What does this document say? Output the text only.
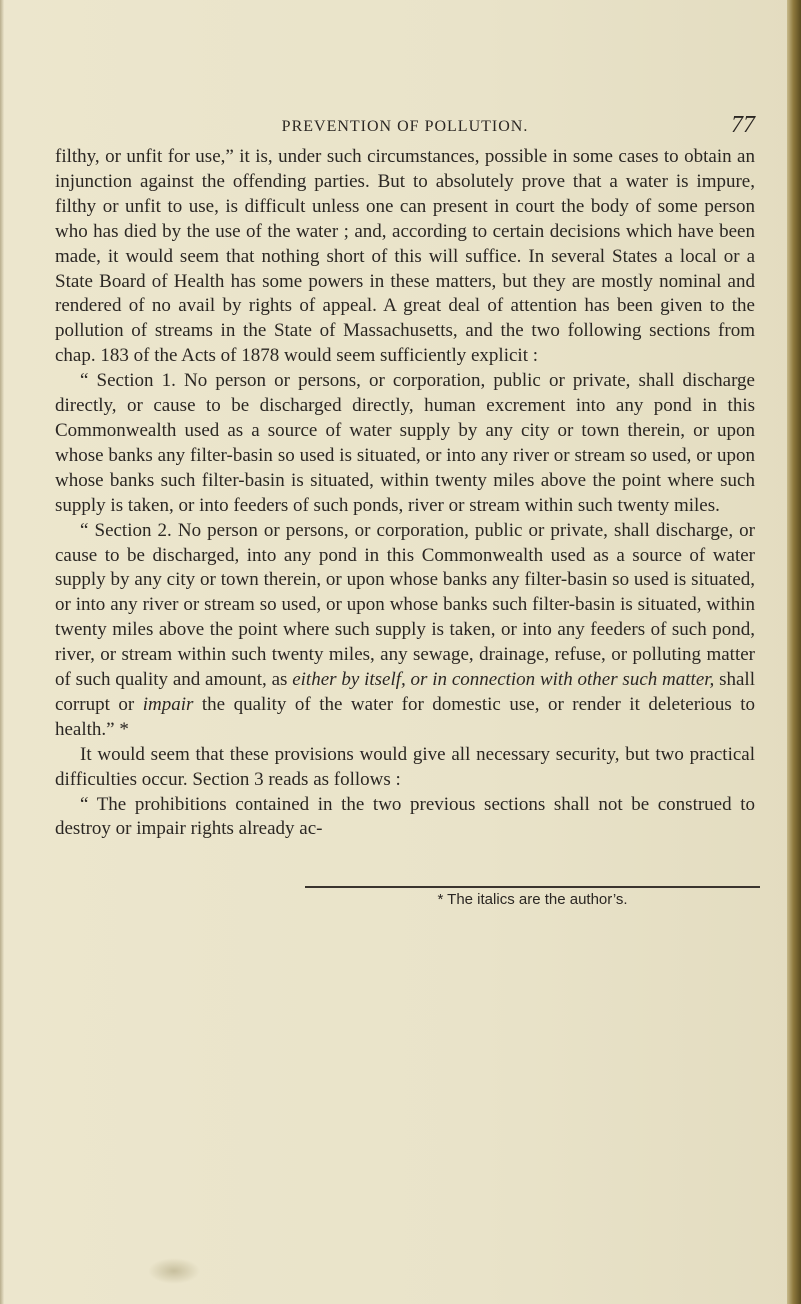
PREVENTION OF POLLUTION.	77

filthy, or unfit for use,” it is, under such circumstances, possible in some cases to obtain an injunction against the offending parties. But to absolutely prove that a water is impure, filthy or unfit to use, is difficult unless one can present in court the body of some person who has died by the use of the water ; and, according to certain decisions which have been made, it would seem that nothing short of this will suffice. In several States a local or a State Board of Health has some powers in these matters, but they are mostly nominal and rendered of no avail by rights of appeal. A great deal of attention has been given to the pollution of streams in the State of Massachusetts, and the two following sections from chap. 183 of the Acts of 1878 would seem sufficiently explicit :

“ Section 1. No person or persons, or corporation, public or private, shall discharge directly, or cause to be discharged directly, human excrement into any pond in this Commonwealth used as a source of water supply by any city or town therein, or upon whose banks any filter-basin so used is situated, or into any river or stream so used, or upon whose banks such filter-basin is situated, within twenty miles above the point where such supply is taken, or into feeders of such ponds, river or stream within such twenty miles.

“ Section 2. No person or persons, or corporation, public or private, shall discharge, or cause to be discharged, into any pond in this Commonwealth used as a source of water supply by any city or town therein, or upon whose banks any filter-basin so used is situated, or into any river or stream so used, or upon whose banks such filter-basin is situated, within twenty miles above the point where such supply is taken, or into any feeders of such pond, river, or stream within such twenty miles, any sewage, drainage, refuse, or polluting matter of such quality and amount, as either by itself, or in connection with other such matter, shall corrupt or impair the quality of the water for domestic use, or render it deleterious to health.” *

It would seem that these provisions would give all necessary security, but two practical difficulties occur. Section 3 reads as follows :

“ The prohibitions contained in the two previous sections shall not be construed to destroy or impair rights already ac-

* The italics are the author’s.
